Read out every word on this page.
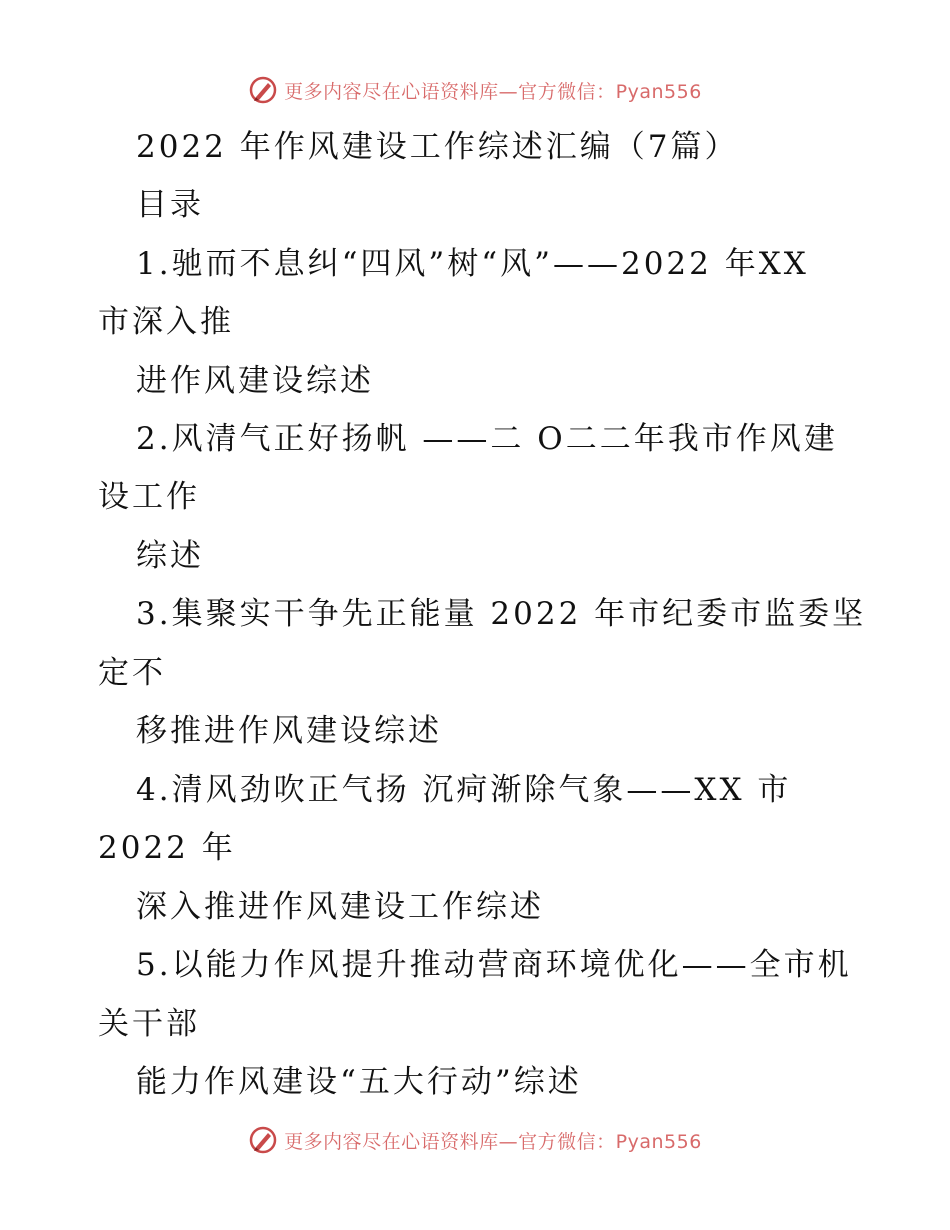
更多内容尽在心语资料库—官方微信：Pyan556
2022 年作风建设工作综述汇编（7篇）
目录
1.驰而不息纠“四风”树“风”——2022 年XX
市深入推
进作风建设综述
2.风清气正好扬帆 ——二 O二二年我市作风建
设工作
综述
3.集聚实干争先正能量 2022 年市纪委市监委坚
定不
移推进作风建设综述
4.清风劲吹正气扬 沉疴渐除气象——XX 市
2022 年
深入推进作风建设工作综述
5.以能力作风提升推动营商环境优化——全市机
关干部
能力作风建设“五大行动”综述
更多内容尽在心语资料库—官方微信：Pyan556
